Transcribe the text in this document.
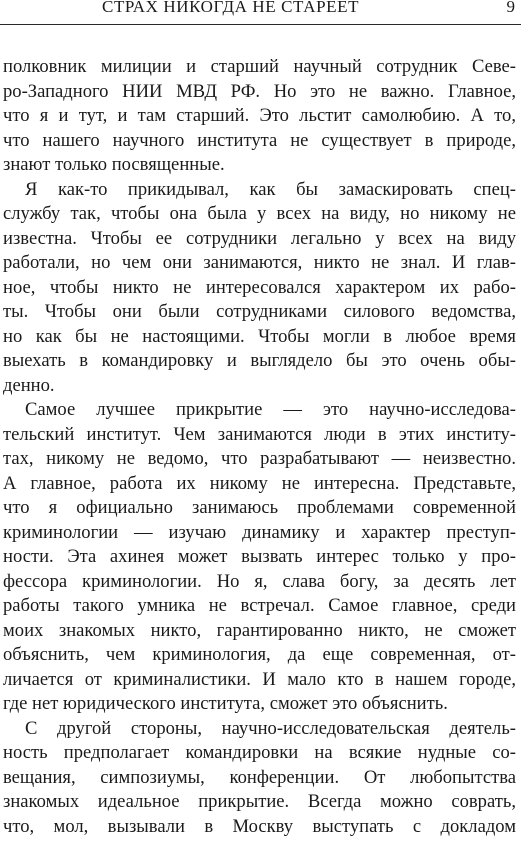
СТРАХ НИКОГДА НЕ СТАРЕЕТ	9
полковник милиции и старший научный сотрудник Севе-
ро-Западного НИИ МВД РФ. Но это не важно. Главное,
что я и тут, и там старший. Это льстит самолюбию. А то,
что нашего научного института не существует в природе,
знают только посвященные.
Я как-то прикидывал, как бы замаскировать спец-
службу так, чтобы она была у всех на виду, но никому не
известна. Чтобы ее сотрудники легально у всех на виду
работали, но чем они занимаются, никто не знал. И глав-
ное, чтобы никто не интересовался характером их рабо-
ты. Чтобы они были сотрудниками силового ведомства,
но как бы не настоящими. Чтобы могли в любое время
выехать в командировку и выглядело бы это очень обы-
денно.
Самое лучшее прикрытие — это научно-исследова-
тельский институт. Чем занимаются люди в этих институ-
тах, никому не ведомо, что разрабатывают — неизвестно.
А главное, работа их никому не интересна. Представьте,
что я официально занимаюсь проблемами современной
криминологии — изучаю динамику и характер преступ-
ности. Эта ахинея может вызвать интерес только у про-
фессора криминологии. Но я, слава богу, за десять лет
работы такого умника не встречал. Самое главное, среди
моих знакомых никто, гарантированно никто, не сможет
объяснить, чем криминология, да еще современная, от-
личается от криминалистики. И мало кто в нашем городе,
где нет юридического института, сможет это объяснить.
С другой стороны, научно-исследовательская деятель-
ность предполагает командировки на всякие нудные со-
вещания, симпозиумы, конференции. От любопытства
знакомых идеальное прикрытие. Всегда можно соврать,
что, мол, вызывали в Москву выступать с докладом
